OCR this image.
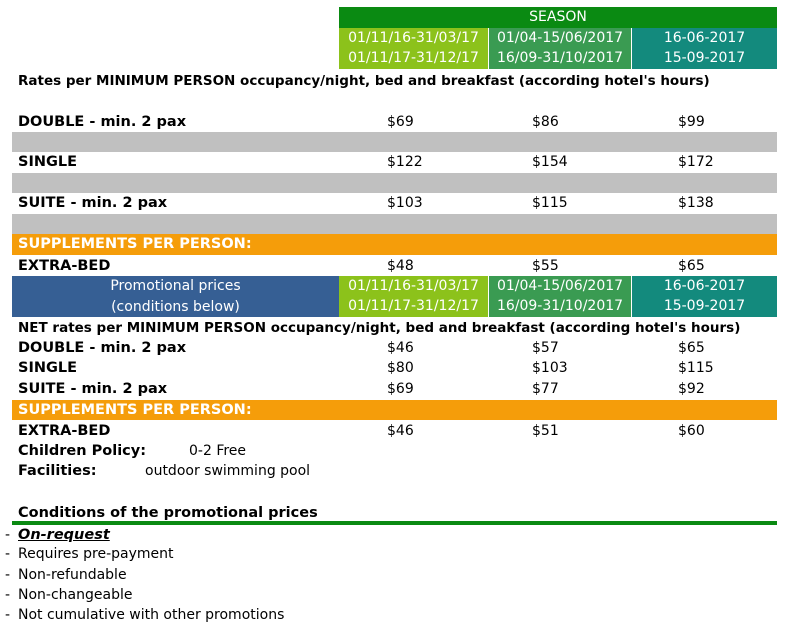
SEASON
01/11/16-31/03/17	01/04-15/06/2017	16-06-2017
01/11/17-31/12/17	16/09-31/10/2017	15-09-2017
Rates per MINIMUM PERSON occupancy/night, bed and breakfast (according hotel's hours)
DOUBLE - min. 2 pax	$69	$86	$99
SINGLE	$122	$154	$172
SUITE - min. 2 pax	$103	$115	$138
SUPPLEMENTS PER PERSON:
EXTRA-BED	$48	$55	$65
Promotional prices
(conditions below)
01/11/16-31/03/17	01/04-15/06/2017	16-06-2017
01/11/17-31/12/17	16/09-31/10/2017	15-09-2017
NET rates per MINIMUM PERSON occupancy/night, bed and breakfast (according hotel's hours)
DOUBLE - min. 2 pax	$46	$57	$65
SINGLE	$80	$103	$115
SUITE - min. 2 pax	$69	$77	$92
SUPPLEMENTS PER PERSON:
EXTRA-BED	$46	$51	$60
Children Policy:	0-2 Free
Facilities:	outdoor swimming pool
Conditions of the promotional prices
- On-request
- Requires pre-payment
- Non-refundable
- Non-changeable
- Not cumulative with other promotions
